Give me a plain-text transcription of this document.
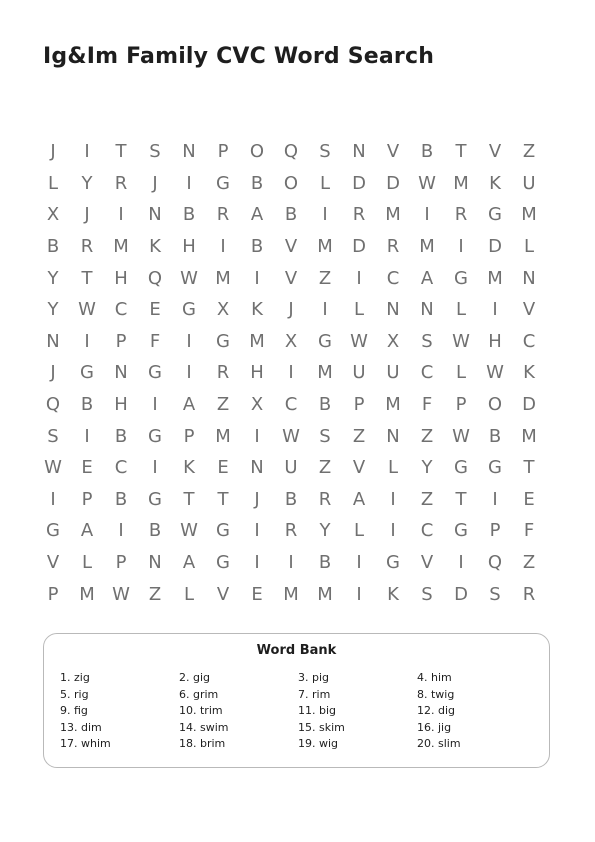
Ig&Im Family CVC Word Search
J	I	T	S	N	P	O	Q	S	N	V	B	T	V	Z
L	Y	R	J	I	G	B	O	L	D	D	W M	K	U
X	J	I	N	B	R	A	B	I	R	M	I	R	G	M
B	R	M	K	H	I	B	V	M	D	R	M	I	D	L
Y	T	H	Q	W M	I	V	Z	I	C	A	G	M	N
Y	W	C	E	G	X	K	J	I	L	N	N	L	I	V
N	I	P	F	I	G	M	X	G	W	X	S	W	H	C
J	G	N	G	I	R	H	I	M	U	U	C	L	W	K
Q	B	H	I	A	Z	X	C	B	P	M	F	P	O	D
S	I	B	G	P	M	I	W	S	Z	N	Z	W	B	M
W	E	C	I	K	E	N	U	Z	V	L	Y	G	G	T
I	P	B	G	T	T	J	B	R	A	I	Z	T	I	E
G	A	I	B	W	G	I	R	Y	L	I	C	G	P	F
V	L	P	N	A	G	I	I	B	I	G	V	I	Q	Z
P	M W	Z	L	V	E	M	M	I	K	S	D	S	R
Word Bank
1. zig	2. gig	3. pig	4. him
5. rig	6. grim	7. rim	8. twig
9. fig	10. trim	11. big	12. dig
13. dim	14. swim	15. skim	16. jig
17. whim	18. brim	19. wig	20. slim
